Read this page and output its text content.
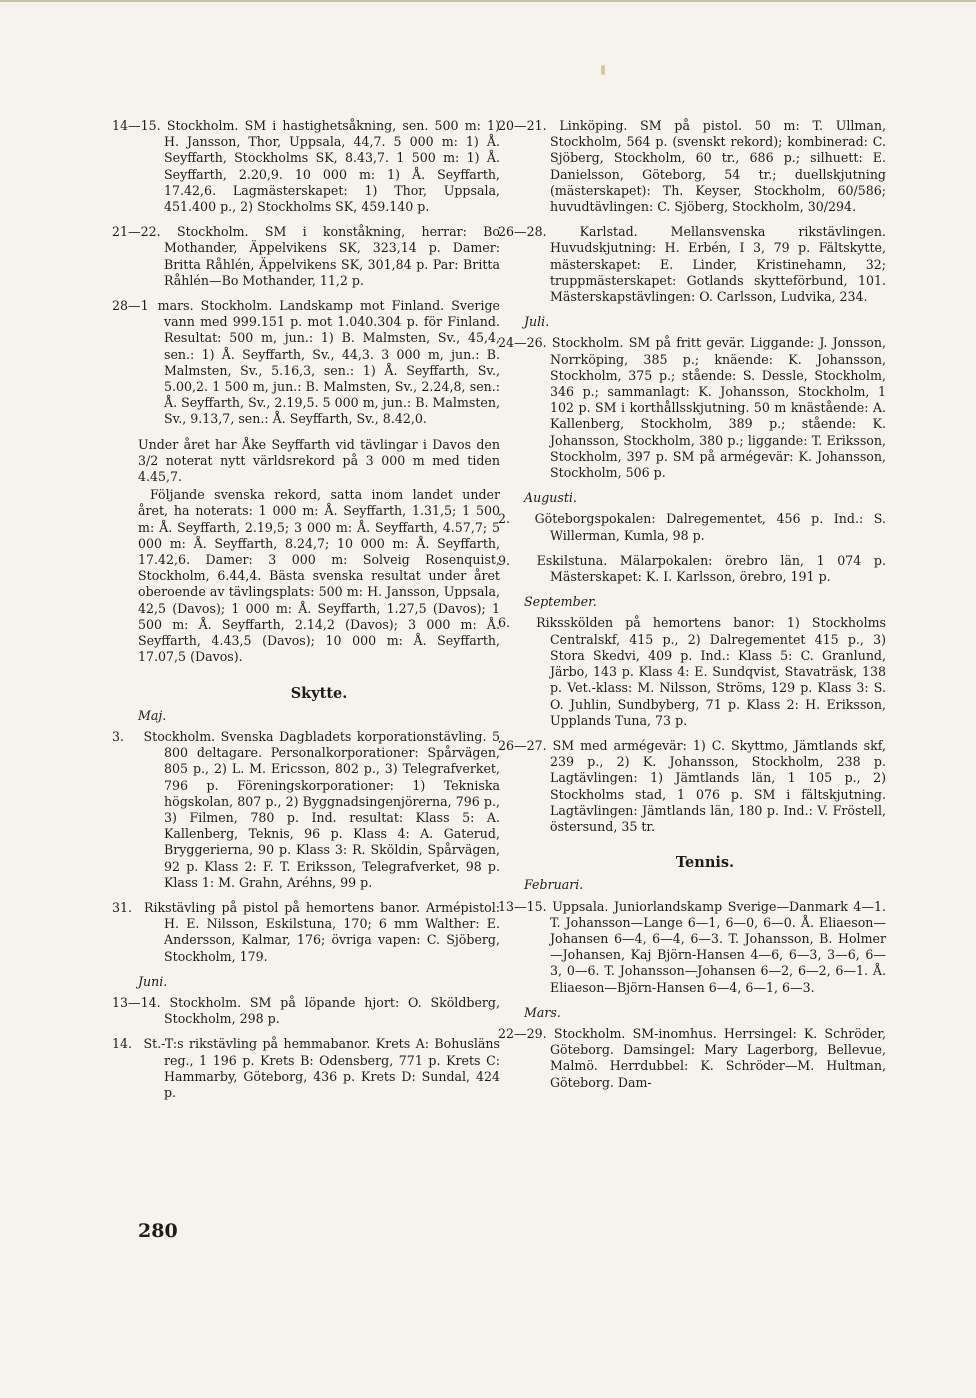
14—15. Stockholm. SM i hastighetsåkning, sen. 500 m: 1) H. Jansson, Thor, Uppsala, 44,7. 5 000 m: 1) Å. Seyffarth, Stockholms SK, 8.43,7. 1 500 m: 1) Å. Seyffarth, 2.20,9. 10 000 m: 1) Å. Seyffarth, 17.42,6. Lagmästerskapet: 1) Thor, Uppsala, 451.400 p., 2) Stockholms SK, 459.140 p.

21—22. Stockholm. SM i konståkning, herrar: Bo Mothander, Äppelvikens SK, 323,14 p. Damer: Britta Råhlén, Äppelvikens SK, 301,84 p. Par: Britta Råhlén—Bo Mothander, 11,2 p.

28—1 mars. Stockholm. Landskamp mot Finland. Sverige vann med 999.151 p. mot 1.040.304 p. för Finland. Resultat: 500 m, jun.: 1) B. Malmsten, Sv., 45,4, sen.: 1) Å. Seyffarth, Sv., 44,3. 3 000 m, jun.: B. Malmsten, Sv., 5.16,3, sen.: 1) Å. Seyffarth, Sv., 5.00,2. 1 500 m, jun.: B. Malmsten, Sv., 2.24,8, sen.: Å. Seyffarth, Sv., 2.19,5. 5 000 m, jun.: B. Malmsten, Sv., 9.13,7, sen.: Å. Seyffarth, Sv., 8.42,0.

Under året har Åke Seyffarth vid tävlingar i Davos den 3/2 noterat nytt världsrekord på 3 000 m med tiden 4.45,7.

Följande svenska rekord, satta inom landet under året, ha noterats: 1 000 m: Å. Seyffarth, 1.31,5; 1 500 m: Å. Seyffarth, 2.19,5; 3 000 m: Å. Seyffarth, 4.57,7; 5 000 m: Å. Seyffarth, 8.24,7; 10 000 m: Å. Seyffarth, 17.42,6. Damer: 3 000 m: Solveig Rosenquist, Stockholm, 6.44,4. Bästa svenska resultat under året oberoende av tävlingsplats: 500 m: H. Jansson, Uppsala, 42,5 (Davos); 1 000 m: Å. Seyffarth, 1.27,5 (Davos); 1 500 m: Å. Seyffarth, 2.14,2 (Davos); 3 000 m: Å. Seyffarth, 4.43,5 (Davos); 10 000 m: Å. Seyffarth, 17.07,5 (Davos).

Skytte.
Maj.

3. Stockholm. Svenska Dagbladets korporationstävling. 5 800 deltagare. Personalkorporationer: Spårvägen, 805 p., 2) L. M. Ericsson, 802 p., 3) Telegrafverket, 796 p. Föreningskorporationer: 1) Tekniska högskolan, 807 p., 2) Byggnadsingenjörerna, 796 p., 3) Filmen, 780 p. Ind. resultat: Klass 5: A. Kallenberg, Teknis, 96 p. Klass 4: A. Gaterud, Bryggerierna, 90 p. Klass 3: R. Sköldin, Spårvägen, 92 p. Klass 2: F. T. Eriksson, Telegrafverket, 98 p. Klass 1: M. Grahn, Aréhns, 99 p.

31. Rikstävling på pistol på hemortens banor. Armépistol: H. E. Nilsson, Eskilstuna, 170; 6 mm Walther: E. Andersson, Kalmar, 176; övriga vapen: C. Sjöberg, Stockholm, 179.

Juni.

13—14. Stockholm. SM på löpande hjort: O. Sköldberg, Stockholm, 298 p.

14. St.-T:s rikstävling på hemmabanor. Krets A: Bohusläns reg., 1 196 p. Krets B: Odensberg, 771 p. Krets C: Hammarby, Göteborg, 436 p. Krets D: Sundal, 424 p.

20—21. Linköping. SM på pistol. 50 m: T. Ullman, Stockholm, 564 p. (svenskt rekord); kombinerad: C. Sjöberg, Stockholm, 60 tr., 686 p.; silhuett: E. Danielsson, Göteborg, 54 tr.; duellskjutning (mästerskapet): Th. Keyser, Stockholm, 60/586; huvudtävlingen: C. Sjöberg, Stockholm, 30/294.

26—28.	Karlstad. Mellansvenska rikstävlingen. Huvudskjutning: H. Erbén, I 3, 79 p. Fältskytte, mästerskapet: E. Linder, Kristinehamn, 32; truppmästerskapet: Gotlands skytteförbund, 101. Mästerskapstävlingen: O. Carlsson, Ludvika, 234.

Juli.

24—26. Stockholm. SM på fritt gevär. Liggande: J. Jonsson, Norrköping, 385 p.; knäende: K. Johansson, Stockholm, 375 p.; stående: S. Dessle, Stockholm, 346 p.; sammanlagt: K. Johansson, Stockholm, 1 102 p. SM i korthållsskjutning. 50 m knästående: A. Kallenberg, Stockholm, 389 p.; stående: K. Johansson, Stockholm, 380 p.; liggande: T. Eriksson, Stockholm, 397 p. SM på armégevär: K. Johansson, Stockholm, 506 p.

Augusti.

2. Göteborgspokalen: Dalregementet, 456 p. Ind.: S. Willerman, Kumla, 98 p.

9. Eskilstuna. Mälarpokalen: örebro län, 1 074 p. Mästerskapet: K. I. Karlsson, örebro, 191 p.

September.

6. Riksskölden på hemortens banor: 1) Stockholms Centralskf, 415 p., 2) Dalregementet 415 p., 3) Stora Skedvi, 409 p. Ind.: Klass 5: C. Granlund, Järbo, 143 p. Klass 4: E. Sundqvist, Stavaträsk, 138 p. Vet.-klass: M. Nilsson, Ströms, 129 p. Klass 3: S. O. Juhlin, Sundbyberg, 71 p. Klass 2: H. Eriksson, Upplands Tuna, 73 p.

26—27. SM med armégevär: 1) C. Skyttmo, Jämtlands skf, 239 p., 2) K. Johansson, Stockholm, 238 p. Lagtävlingen: 1) Jämtlands län, 1 105 p., 2) Stockholms stad, 1 076 p. SM i fältskjutning. Lagtävlingen: Jämtlands län, 180 p. Ind.: V. Fröstell, östersund, 35 tr.

Tennis.
Februari.

13—15. Uppsala. Juniorlandskamp Sverige—Danmark 4—1. T. Johansson—Lange 6—1, 6—0, 6—0. Å. Eliaeson—Johansen 6—4, 6—4, 6—3. T. Johansson, B. Holmer—Johansen, Kaj Björn-Hansen 4—6, 6—3, 3—6, 6—3, 0—6. T. Johansson—Johansen 6—2, 6—2, 6—1. Å. Eliaeson—Björn-Hansen 6—4, 6—1, 6—3.

Mars.

22—29. Stockholm. SM-inomhus. Herrsingel: K. Schröder, Göteborg. Damsingel: Mary Lagerborg, Bellevue, Malmö. Herrdubbel: K. Schröder—M. Hultman, Göteborg. Dam-

280
